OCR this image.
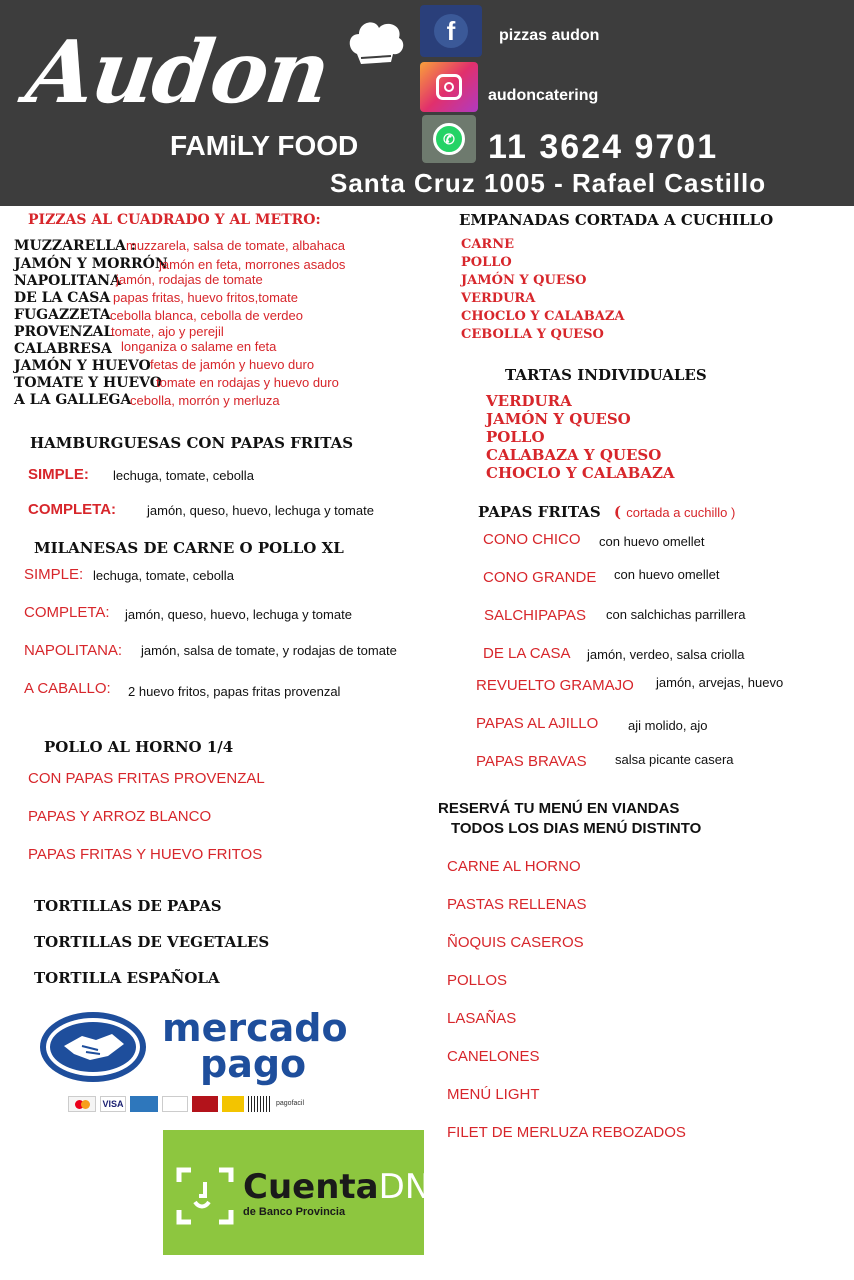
Audon
FAMiLY FOOD
f	pizzas audon
audoncatering
✆ 11 3624 9701
Santa Cruz 1005 - Rafael Castillo
PIZZAS AL CUADRADO Y AL METRO:
MUZZARELLA :
muzzarela, salsa de tomate, albahaca
JAMÓN Y MORRÓN
jamón en feta, morrones asados
NAPOLITANA
jamón, rodajas de tomate
DE LA CASA papas fritas, huevo fritos,tomate
FUGAZZETA cebolla blanca, cebolla de verdeo
PROVENZAL
tomate, ajo y perejil
CALABRESA longaniza o salame en feta
JAMÓN Y HUEVO fetas de jamón y huevo duro
TOMATE Y HUEVO
tomate en rodajas y huevo duro
A LA GALLEGA
cebolla, morrón y merluza
HAMBURGUESAS CON PAPAS FRITAS
SIMPLE: lechuga, tomate, cebolla
COMPLETA: jamón, queso, huevo, lechuga y tomate
MILANESAS DE CARNE O POLLO XL
SIMPLE: lechuga, tomate, cebolla
COMPLETA: jamón, queso, huevo, lechuga y tomate
NAPOLITANA: jamón, salsa de tomate, y rodajas de tomate
A CABALLO: 2 huevo fritos, papas fritas provenzal
POLLO AL HORNO 1/4
CON PAPAS FRITAS PROVENZAL
PAPAS Y ARROZ BLANCO
PAPAS FRITAS Y HUEVO FRITOS
TORTILLAS DE PAPAS
TORTILLAS DE VEGETALES
TORTILLA ESPAÑOLA
EMPANADAS CORTADA A CUCHILLO
CARNE
POLLO
JAMÓN Y QUESO
VERDURA
CHOCLO Y CALABAZA
CEBOLLA Y QUESO
TARTAS INDIVIDUALES
VERDURA
JAMÓN Y QUESO
POLLO
CALABAZA Y QUESO
CHOCLO Y CALABAZA
PAPAS FRITAS ( cortada a cuchillo )
CONO CHICO con huevo omellet
CONO GRANDE con huevo omellet
SALCHIPAPAS con salchichas parrillera
DE LA CASA jamón, verdeo, salsa criolla
REVUELTO GRAMAJO jamón, arvejas, huevo
PAPAS AL AJILLO aji molido, ajo
PAPAS BRAVAS salsa picante casera
RESERVÁ TU MENÚ EN VIANDAS
TODOS LOS DIAS MENÚ DISTINTO
CARNE AL HORNO
PASTAS RELLENAS
ÑOQUIS CASEROS
POLLOS
LASAÑAS
CANELONES
MENÚ LIGHT
FILET DE MERLUZA REBOZADOS
mercado
pago
VISA	pagofacil
CuentaDNI
de Banco Provincia
